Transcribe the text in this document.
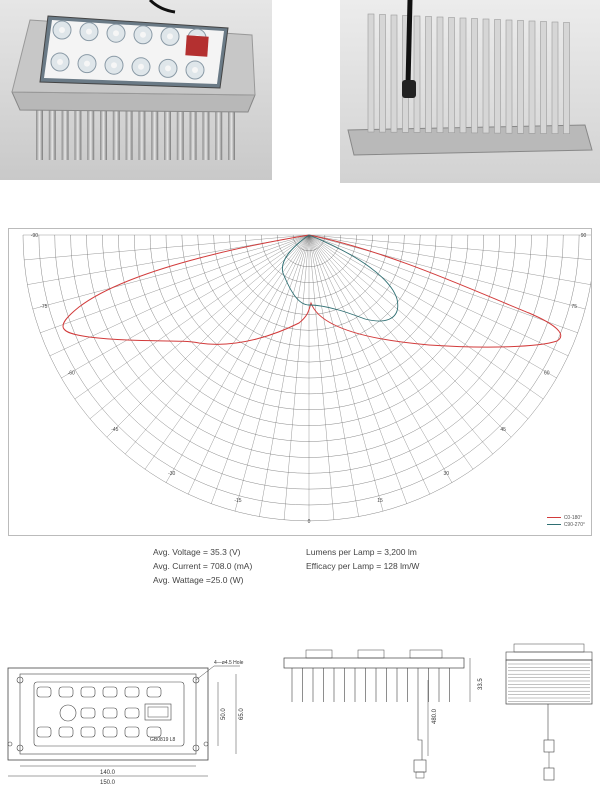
-90	90
-75	75
-60	60
-45	45
-30	30
-15	15
0
C0-180°
C90-270°
Avg. Voltage = 35.3 (V)
Avg. Current = 708.0 (mA)
Avg. Wattage =25.0 (W)
Lumens per Lamp = 3,200 lm
Efficacy per Lamp = 128 lm/W
GB0819 L8
4—ø4.5 Hole
50.0 65.0
140.0
150.0
33.5
480.0
